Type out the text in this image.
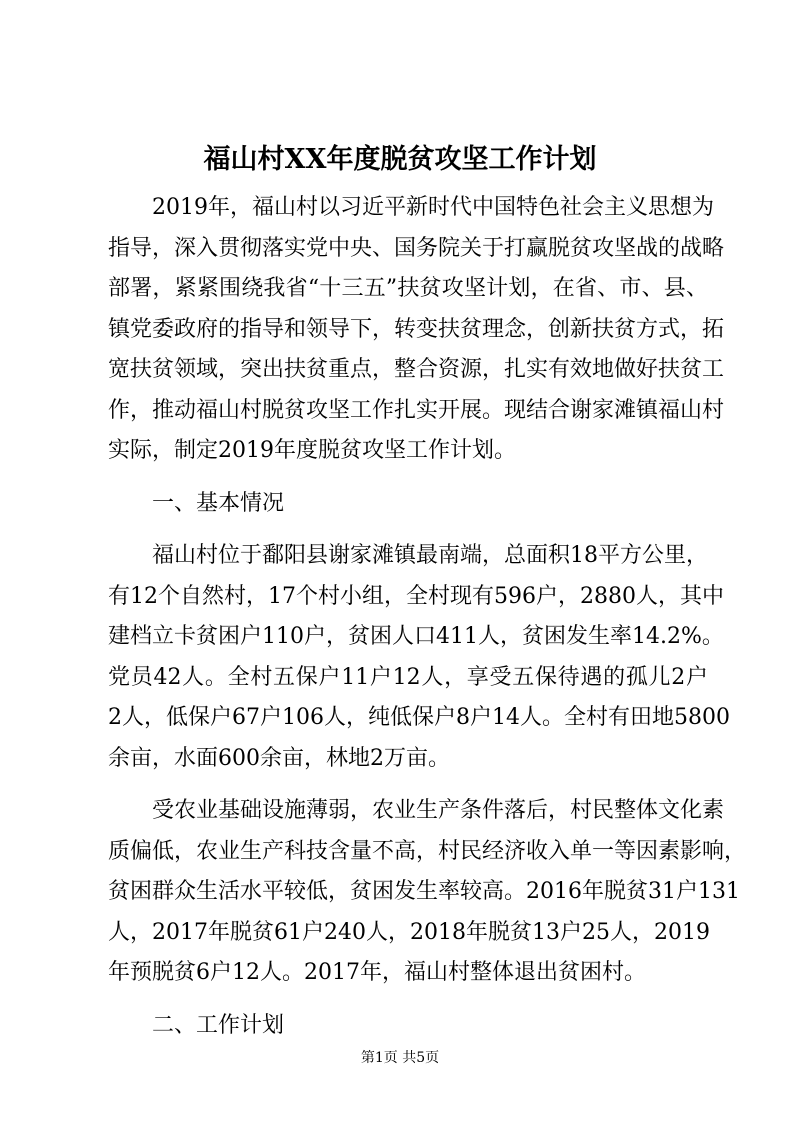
福山村XX年度脱贫攻坚工作计划
2019年，福山村以习近平新时代中国特色社会主义思想为
指导，深入贯彻落实党中央、国务院关于打赢脱贫攻坚战的战略
部署，紧紧围绕我省“十三五”扶贫攻坚计划，在省、市、县、
镇党委政府的指导和领导下，转变扶贫理念，创新扶贫方式，拓
宽扶贫领域，突出扶贫重点，整合资源，扎实有效地做好扶贫工
作，推动福山村脱贫攻坚工作扎实开展。现结合谢家滩镇福山村
实际，制定2019年度脱贫攻坚工作计划。
一、基本情况
福山村位于鄱阳县谢家滩镇最南端，总面积18平方公里，
有12个自然村，17个村小组，全村现有596户，2880人，其中
建档立卡贫困户110户，贫困人口411人，贫困发生率14.2%。
党员42人。全村五保户11户12人，享受五保待遇的孤儿2户
2人，低保户67户106人，纯低保户8户14人。全村有田地5800
余亩，水面600余亩，林地2万亩。
受农业基础设施薄弱，农业生产条件落后，村民整体文化素
质偏低，农业生产科技含量不高，村民经济收入单一等因素影响，
贫困群众生活水平较低，贫困发生率较高。2016年脱贫31户131
人，2017年脱贫61户240人，2018年脱贫13户25人，2019
年预脱贫6户12人。2017年，福山村整体退出贫困村。
二、工作计划
第1页 共5页
